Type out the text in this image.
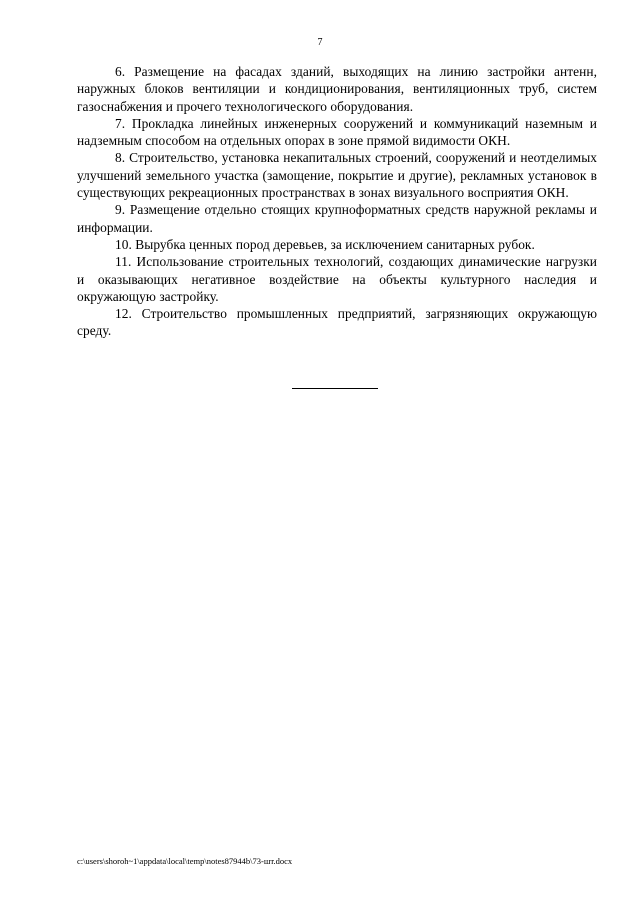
7

6. Размещение на фасадах зданий, выходящих на линию застройки антенн, наружных блоков вентиляции и кондиционирования, вентиляционных труб, систем газоснабжения и прочего технологического оборудования.

7. Прокладка линейных инженерных сооружений и коммуникаций наземным и надземным способом на отдельных опорах в зоне прямой видимости ОКН.

8. Строительство, установка некапитальных строений, сооружений и неотделимых улучшений земельного участка (замощение, покрытие и другие), рекламных установок в существующих рекреационных пространствах в зонах визуального восприятия ОКН.

9. Размещение отдельно стоящих крупноформатных средств наружной рекламы и информации.

10. Вырубка ценных пород деревьев, за исключением санитарных рубок.

11. Использование строительных технологий, создающих динамические нагрузки и оказывающих негативное воздействие на объекты культурного наследия и окружающую застройку.

12. Строительство промышленных предприятий, загрязняющих окружающую среду.

c:\users\shoroh~1\appdata\local\temp\notes87944b\73-шт.docx
